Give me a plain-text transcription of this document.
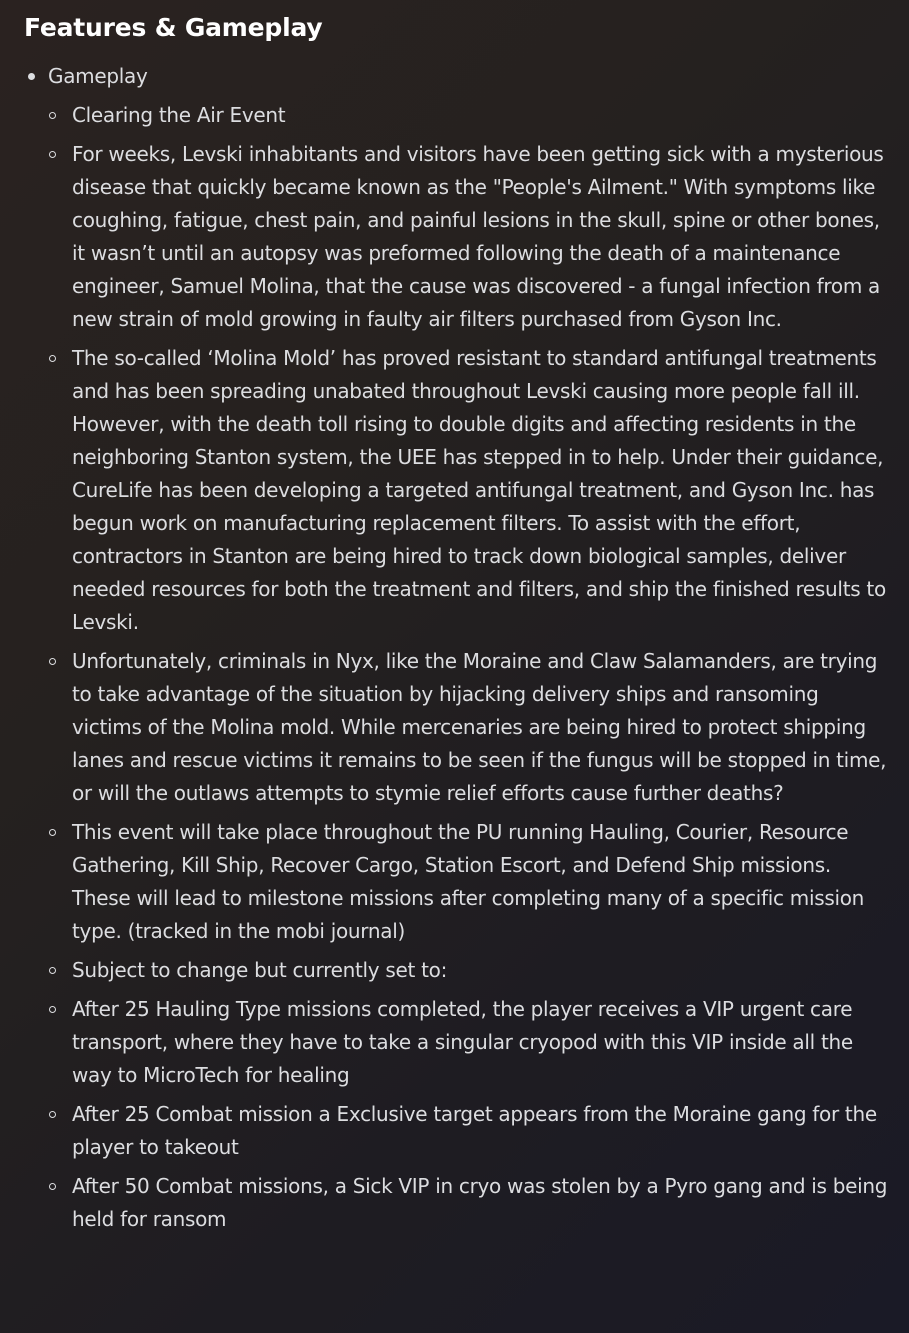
Features & Gameplay
Gameplay
Clearing the Air Event
For weeks, Levski inhabitants and visitors have been getting sick with a mysterious disease that quickly became known as the "People's Ailment." With symptoms like coughing, fatigue, chest pain, and painful lesions in the skull, spine or other bones, it wasn’t until an autopsy was preformed following the death of a maintenance engineer, Samuel Molina, that the cause was discovered - a fungal infection from a new strain of mold growing in faulty air filters purchased from Gyson Inc.
The so-called ‘Molina Mold’ has proved resistant to standard antifungal treatments and has been spreading unabated throughout Levski causing more people fall ill. However, with the death toll rising to double digits and affecting residents in the neighboring Stanton system, the UEE has stepped in to help. Under their guidance, CureLife has been developing a targeted antifungal treatment, and Gyson Inc. has begun work on manufacturing replacement filters. To assist with the effort, contractors in Stanton are being hired to track down biological samples, deliver needed resources for both the treatment and filters, and ship the finished results to Levski.
Unfortunately, criminals in Nyx, like the Moraine and Claw Salamanders, are trying to take advantage of the situation by hijacking delivery ships and ransoming victims of the Molina mold. While mercenaries are being hired to protect shipping lanes and rescue victims it remains to be seen if the fungus will be stopped in time, or will the outlaws attempts to stymie relief efforts cause further deaths?
This event will take place throughout the PU running Hauling, Courier, Resource Gathering, Kill Ship, Recover Cargo, Station Escort, and Defend Ship missions. These will lead to milestone missions after completing many of a specific mission type. (tracked in the mobi journal)
Subject to change but currently set to:
After 25 Hauling Type missions completed, the player receives a VIP urgent care transport, where they have to take a singular cryopod with this VIP inside all the way to MicroTech for healing
After 25 Combat mission a Exclusive target appears from the Moraine gang for the player to takeout
After 50 Combat missions, a Sick VIP in cryo was stolen by a Pyro gang and is being held for ransom
